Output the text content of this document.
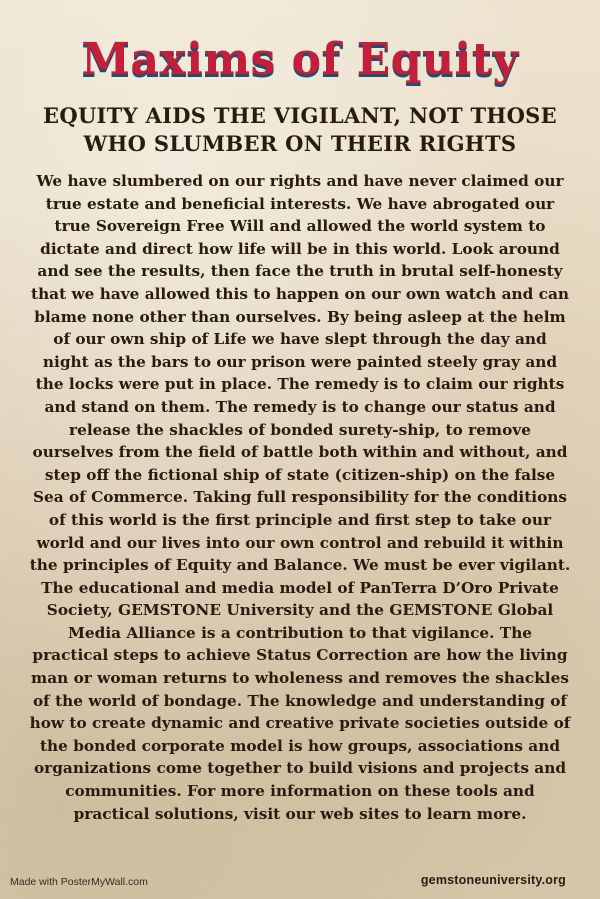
Maxims of Equity
EQUITY AIDS THE VIGILANT, NOT THOSE WHO SLUMBER ON THEIR RIGHTS
We have slumbered on our rights and have never claimed our true estate and beneficial interests. We have abrogated our true Sovereign Free Will and allowed the world system to dictate and direct how life will be in this world. Look around and see the results, then face the truth in brutal self-honesty that we have allowed this to happen on our own watch and can blame none other than ourselves. By being asleep at the helm of our own ship of Life we have slept through the day and night as the bars to our prison were painted steely gray and the locks were put in place. The remedy is to claim our rights and stand on them. The remedy is to change our status and release the shackles of bonded surety-ship, to remove ourselves from the field of battle both within and without, and step off the fictional ship of state (citizen-ship) on the false Sea of Commerce. Taking full responsibility for the conditions of this world is the first principle and first step to take our world and our lives into our own control and rebuild it within the principles of Equity and Balance. We must be ever vigilant. The educational and media model of PanTerra D’Oro Private Society, GEMSTONE University and the GEMSTONE Global Media Alliance is a contribution to that vigilance. The practical steps to achieve Status Correction are how the living man or woman returns to wholeness and removes the shackles of the world of bondage. The knowledge and understanding of how to create dynamic and creative private societies outside of the bonded corporate model is how groups, associations and organizations come together to build visions and projects and communities. For more information on these tools and practical solutions, visit our web sites to learn more.
Made with PosterMyWall.com	gemstoneuniversity.org
